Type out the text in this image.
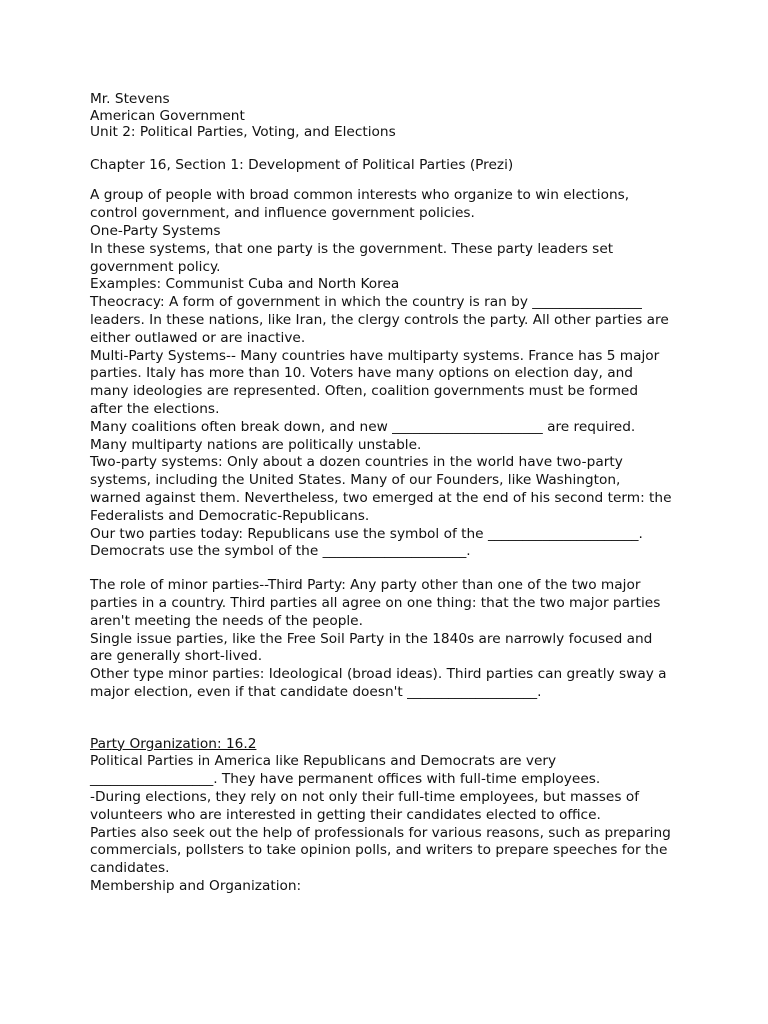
Mr. Stevens
American Government
Unit 2: Political Parties, Voting, and Elections
Chapter 16, Section 1: Development of Political Parties (Prezi)
A group of people with broad common interests who organize to win elections,
control government, and influence government policies.
One-Party Systems
In these systems, that one party is the government. These party leaders set
government policy.
Examples: Communist Cuba and North Korea
Theocracy: A form of government in which the country is ran by ________________
leaders. In these nations, like Iran, the clergy controls the party. All other parties are
either outlawed or are inactive.
Multi-Party Systems-- Many countries have multiparty systems. France has 5 major
parties. Italy has more than 10. Voters have many options on election day, and
many ideologies are represented. Often, coalition governments must be formed
after the elections.
Many coalitions often break down, and new ______________________ are required.
Many multiparty nations are politically unstable.
Two-party systems: Only about a dozen countries in the world have two-party
systems, including the United States. Many of our Founders, like Washington,
warned against them. Nevertheless, two emerged at the end of his second term: the
Federalists and Democratic-Republicans.
Our two parties today: Republicans use the symbol of the ______________________.
Democrats use the symbol of the _____________________.
The role of minor parties--Third Party: Any party other than one of the two major
parties in a country. Third parties all agree on one thing: that the two major parties
aren't meeting the needs of the people.
Single issue parties, like the Free Soil Party in the 1840s are narrowly focused and
are generally short-lived.
Other type minor parties: Ideological (broad ideas). Third parties can greatly sway a
major election, even if that candidate doesn't ___________________.
Party Organization: 16.2
Political Parties in America like Republicans and Democrats are very
__________________. They have permanent offices with full-time employees.
-During elections, they rely on not only their full-time employees, but masses of
volunteers who are interested in getting their candidates elected to office.
Parties also seek out the help of professionals for various reasons, such as preparing
commercials, pollsters to take opinion polls, and writers to prepare speeches for the
candidates.
Membership and Organization:
